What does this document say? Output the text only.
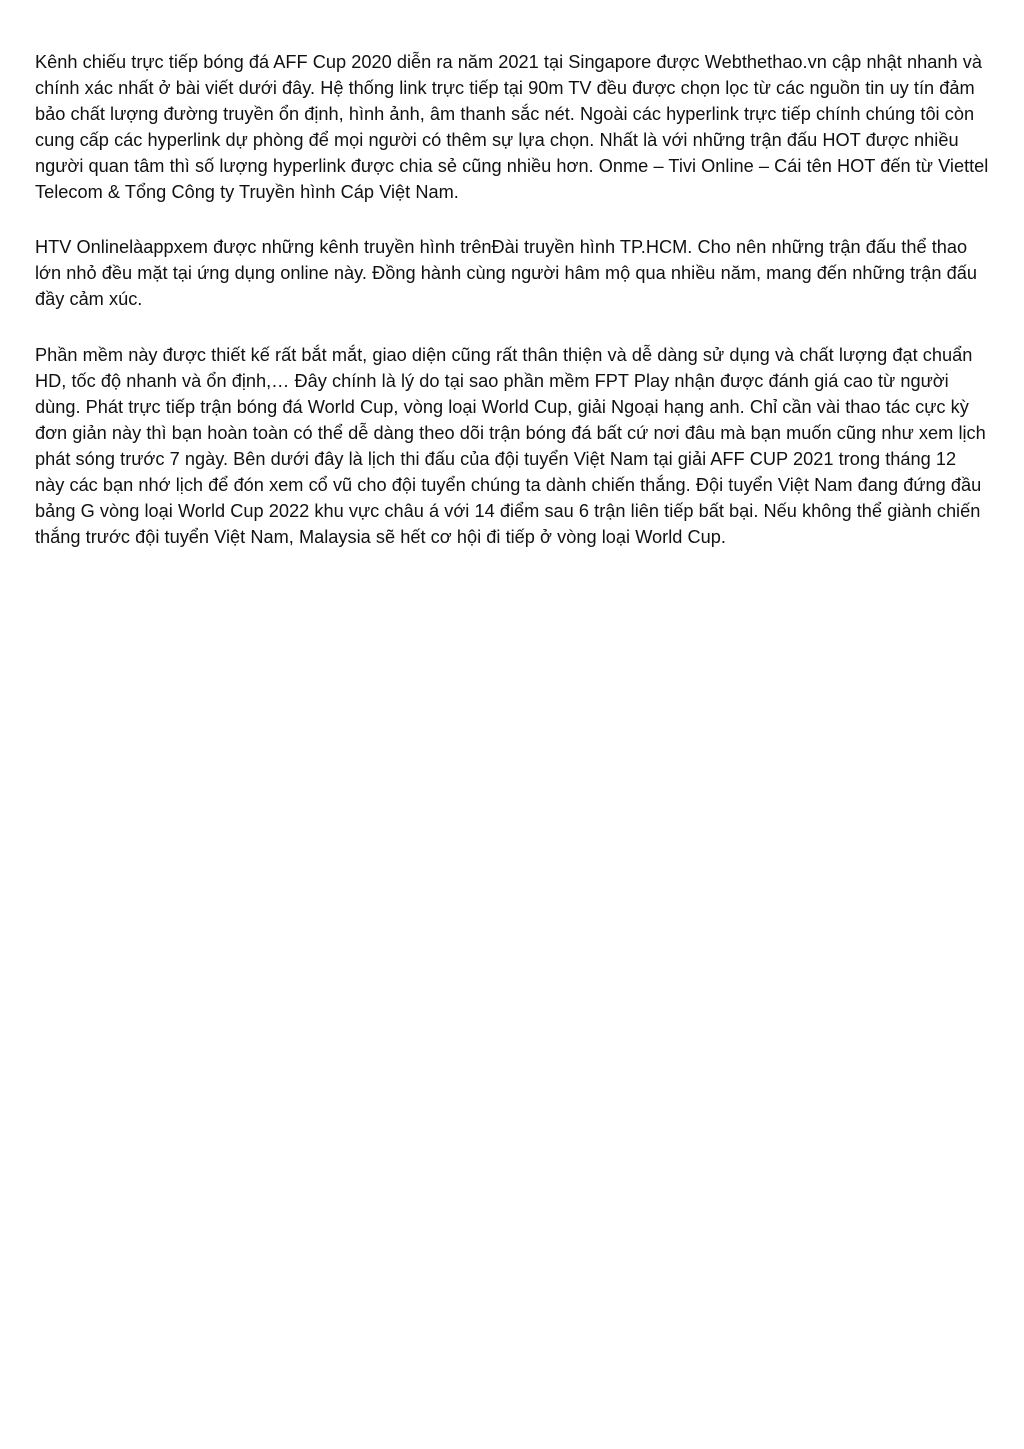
Kênh chiếu trực tiếp bóng đá AFF Cup 2020 diễn ra năm 2021 tại Singapore được Webthethao.vn cập nhật nhanh và chính xác nhất ở bài viết dưới đây. Hệ thống link trực tiếp tại 90m TV đều được chọn lọc từ các nguồn tin uy tín đảm bảo chất lượng đường truyền ổn định, hình ảnh, âm thanh sắc nét. Ngoài các hyperlink trực tiếp chính chúng tôi còn cung cấp các hyperlink dự phòng để mọi người có thêm sự lựa chọn. Nhất là với những trận đấu HOT được nhiều người quan tâm thì số lượng hyperlink được chia sẻ cũng nhiều hơn. Onme – Tivi Online – Cái tên HOT đến từ Viettel Telecom & Tổng Công ty Truyền hình Cáp Việt Nam.

HTV Onlinelàappxem được những kênh truyền hình trênĐài truyền hình TP.HCM. Cho nên những trận đấu thể thao lớn nhỏ đều mặt tại ứng dụng online này. Đồng hành cùng người hâm mộ qua nhiều năm, mang đến những trận đấu đầy cảm xúc.

Phần mềm này được thiết kế rất bắt mắt, giao diện cũng rất thân thiện và dễ dàng sử dụng và chất lượng đạt chuẩn HD, tốc độ nhanh và ổn định,… Đây chính là lý do tại sao phần mềm FPT Play nhận được đánh giá cao từ người dùng. Phát trực tiếp trận bóng đá World Cup, vòng loại World Cup, giải Ngoại hạng anh. Chỉ cần vài thao tác cực kỳ đơn giản này thì bạn hoàn toàn có thể dễ dàng theo dõi trận bóng đá bất cứ nơi đâu mà bạn muốn cũng như xem lịch phát sóng trước 7 ngày. Bên dưới đây là lịch thi đấu của đội tuyển Việt Nam tại giải AFF CUP 2021 trong tháng 12 này các bạn nhớ lịch để đón xem cổ vũ cho đội tuyển chúng ta dành chiến thắng. Đội tuyển Việt Nam đang đứng đầu bảng G vòng loại World Cup 2022 khu vực châu á với 14 điểm sau 6 trận liên tiếp bất bại. Nếu không thể giành chiến thắng trước đội tuyển Việt Nam, Malaysia sẽ hết cơ hội đi tiếp ở vòng loại World Cup.
